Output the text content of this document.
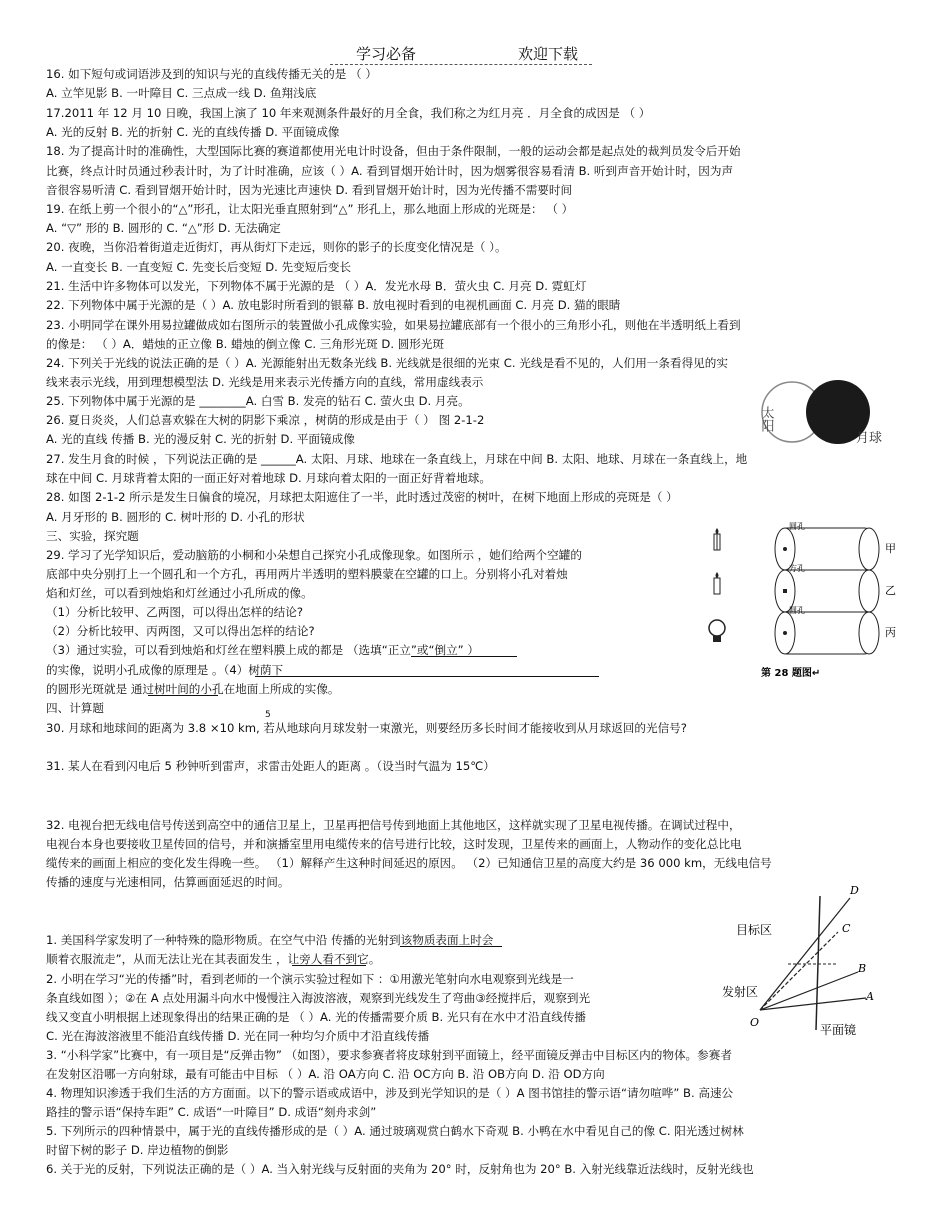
学习必备	欢迎下载
16. 如下短句或词语涉及到的知识与光的直线传播无关的是 （ ）
A. 立竿见影 B. 一叶障目 C. 三点成一线 D. 鱼翔浅底
17.2011 年 12 月 10 日晚，我国上演了 10 年来观测条件最好的月全食，我们称之为红月亮 ．月全食的成因是 （ ）
A. 光的反射 B. 光的折射 C. 光的直线传播 D. 平面镜成像
18. 为了提高计时的准确性，大型国际比赛的赛道都使用光电计时设备，但由于条件限制，一般的运动会都是起点处的裁判员发令后开始
比赛，终点计时员通过秒表计时，为了计时准确，应该（ ）A. 看到冒烟开始计时，因为烟雾很容易看清 B. 听到声音开始计时，因为声
音很容易听清 C. 看到冒烟开始计时，因为光速比声速快 D. 看到冒烟开始计时，因为光传播不需要时间
19. 在纸上剪一个很小的“△”形孔，让太阳光垂直照射到“△” 形孔上，那么地面上形成的光斑是： （ ）
A. “▽” 形的 B. 圆形的 C. “△”形 D. 无法确定
20. 夜晚，当你沿着街道走近街灯，再从街灯下走远，则你的影子的长度变化情况是（ ）。
A. 一直变长 B. 一直变短 C. 先变长后变短 D. 先变短后变长
21. 生活中许多物体可以发光，下列物体不属于光源的是 （ ）A．发光水母 B．萤火虫 C. 月亮 D. 霓虹灯
22. 下列物体中属于光源的是（ ）A. 放电影时所看到的银幕 B. 放电视时看到的电视机画面 C. 月亮 D. 猫的眼睛
23. 小明同学在课外用易拉罐做成如右图所示的装置做小孔成像实验，如果易拉罐底部有一个很小的三角形小孔，则他在半透明纸上看到
的像是： （ ）A．蜡烛的正立像 B. 蜡烛的倒立像 C. 三角形光斑 D. 圆形光斑
24. 下列关于光线的说法正确的是（ ）A. 光源能射出无数条光线 B. 光线就是很细的光束 C. 光线是看不见的，人们用一条看得见的实
线来表示光线，用到理想模型法 D. 光线是用来表示光传播方向的直线，常用虚线表示
25. 下列物体中属于光源的是 ________A. 白雪 B. 发亮的钻石 C. 萤火虫 D. 月亮。
26. 夏日炎炎，人们总喜欢躲在大树的阴影下乘凉 ，树荫的形成是由于（ ） 图 2-1-2
A. 光的直线 传播 B. 光的漫反射 C. 光的折射 D. 平面镜成像
27. 发生月食的时候 ，下列说法正确的是 ______A. 太阳、月球、地球在一条直线上，月球在中间 B. 太阳、地球、月球在一条直线上，地
球在中间 C. 月球背着太阳的一面正好对着地球 D. 月球向着太阳的一面正好背着地球。
28. 如图 2-1-2 所示是发生日偏食的境况，月球把太阳遮住了一半，此时透过茂密的树叶，在树下地面上形成的亮斑是（ ）
A. 月牙形的 B. 圆形的 C. 树叶形的 D. 小孔的形状
三、实验，探究题
29. 学习了光学知识后，爱动脑筋的小桐和小朵想自己探究小孔成像现象。如图所示 ，她们给两个空罐的
底部中央分别打上一个圆孔和一个方孔，再用两片半透明的塑料膜蒙在空罐的口上。分别将小孔对着烛
焰和灯丝，可以看到烛焰和灯丝通过小孔所成的像。
（1）分析比较甲、乙两图，可以得出怎样的结论?
（2）分析比较甲、丙两图，又可以得出怎样的结论?
（3）通过实验，可以看到烛焰和灯丝在塑料膜上成的都是 （选填“正立”或“倒立” ）
的实像，说明小孔成像的原理是 。（4）树荫下
的圆形光斑就是 通过树叶间的小孔在地面上所成的实像。
四、计算题
30. 月球和地球间的距离为 3.8 ×10 km, 若从地球向月球发射一束激光，则要经历多长时间才能接收到从月球返回的光信号?
31. 某人在看到闪电后 5 秒钟听到雷声，求雷击处距人的距离 。（设当时气温为 15℃）
32. 电视台把无线电信号传送到高空中的通信卫星上，卫星再把信号传到地面上其他地区，这样就实现了卫星电视传播。在调试过程中，
电视台本身也要接收卫星传回的信号，并和演播室里用电缆传来的信号进行比较，这时发现，卫星传来的画面上，人物动作的变化总比电
缆传来的画面上相应的变化发生得晚一些。 （1）解释产生这种时间延迟的原因。 （2）已知通信卫星的高度大约是 36 000 km，无线电信号
传播的速度与光速相同，估算画面延迟的时间。
1. 美国科学家发明了一种特殊的隐形物质。在空气中沿 传播的光射到该物质表面上时会
顺着衣服流走”，从而无法让光在其表面发生 ，让旁人看不到它。
2. 小明在学习“光的传播”时，看到老师的一个演示实验过程如下 ：①用激光笔射向水电观察到光线是一
条直线如图 ）；②在 A 点处用漏斗向水中慢慢注入海波溶液，观察到光线发生了弯曲③经搅拌后，观察到光
线又变直小明根据上述现象得出的结果正确的是 （ ）A. 光的传播需要介质 B. 光只有在水中才沿直线传播
C. 光在海波溶液里不能沿直线传播 D. 光在同一种均匀介质中才沿直线传播
3. “小科学家”比赛中，有一项目是“反弹击物” （如图），要求参赛者将皮球射到平面镜上，经平面镜反弹击中目标区内的物体。参赛者
在发射区沿哪一方向射球，最有可能击中目标 （ ）A. 沿 OA方向 C. 沿 OC方向 B. 沿 OB方向 D. 沿 OD方向
4. 物理知识渗透于我们生活的方方面面。以下的警示语或成语中，涉及到光学知识的是（ ）A 图书馆挂的警示语“请勿喧哗” B. 高速公
路挂的警示语“保持车距” C. 成语“一叶障目” D. 成语“刻舟求剑”
5. 下列所示的四种情景中，属于光的直线传播形成的是（ ）A. 通过玻璃观赏白鹤水下奇观 B. 小鸭在水中看见自己的像 C. 阳光透过树林
时留下树的影子 D. 岸边植物的倒影
6. 关于光的反射，下列说法正确的是（ ）A. 当入射光线与反射面的夹角为 20° 时，反射角也为 20° B. 入射光线靠近法线时，反射光线也
5
太阳
月球
圆孔
甲
方孔
乙
圆孔
丙
第 28 题图↵
目标区
发射区
平面镜
D
C
B
A
O
